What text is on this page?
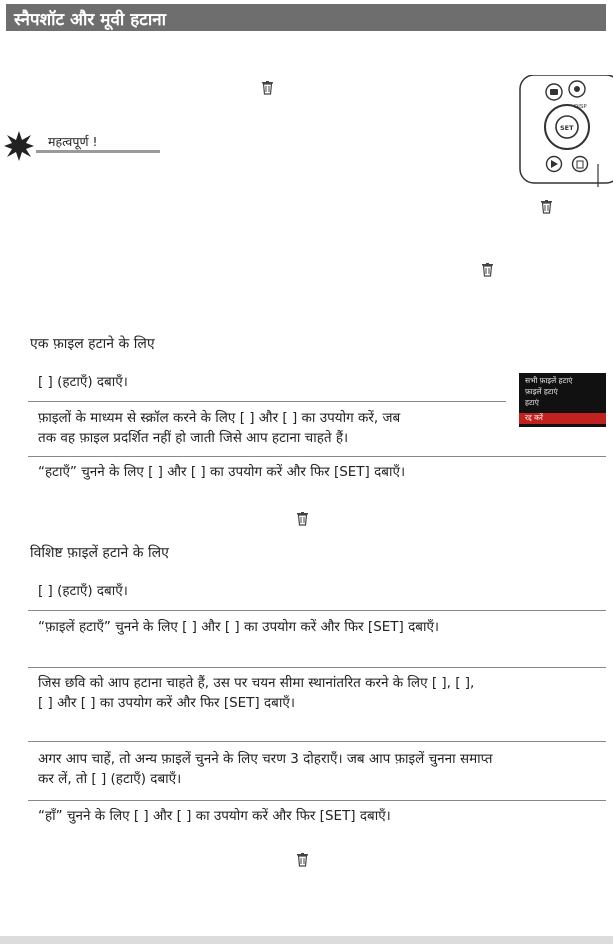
स्नैपशॉट और मूवी हटाना
महत्वपूर्ण !
DISP
SET
एक फ़ाइल हटाने के लिए
[ ] (हटाएँ) दबाएँ।
फ़ाइलों के माध्यम से स्क्रॉल करने के लिए [ ] और [ ] का उपयोग करें, जब
तक वह फ़ाइल प्रदर्शित नहीं हो जाती जिसे आप हटाना चाहते हैं।
“हटाएँ” चुनने के लिए [ ] और [ ] का उपयोग करें और फिर [SET] दबाएँ।
सभी फ़ाइलें हटाएं
फ़ाइलें हटाएं
हटाएं
रद्द करें
विशिष्ट फ़ाइलें हटाने के लिए
[ ] (हटाएँ) दबाएँ।
“फ़ाइलें हटाएँ” चुनने के लिए [ ] और [ ] का उपयोग करें और फिर [SET] दबाएँ।
जिस छवि को आप हटाना चाहते हैं, उस पर चयन सीमा स्थानांतरित करने के लिए [ ], [ ],
[ ] और [ ] का उपयोग करें और फिर [SET] दबाएँ।
अगर आप चाहें, तो अन्य फ़ाइलें चुनने के लिए चरण 3 दोहराएँ। जब आप फ़ाइलें चुनना समाप्त
कर लें, तो [ ] (हटाएँ) दबाएँ।
“हाँ” चुनने के लिए [ ] और [ ] का उपयोग करें और फिर [SET] दबाएँ।
